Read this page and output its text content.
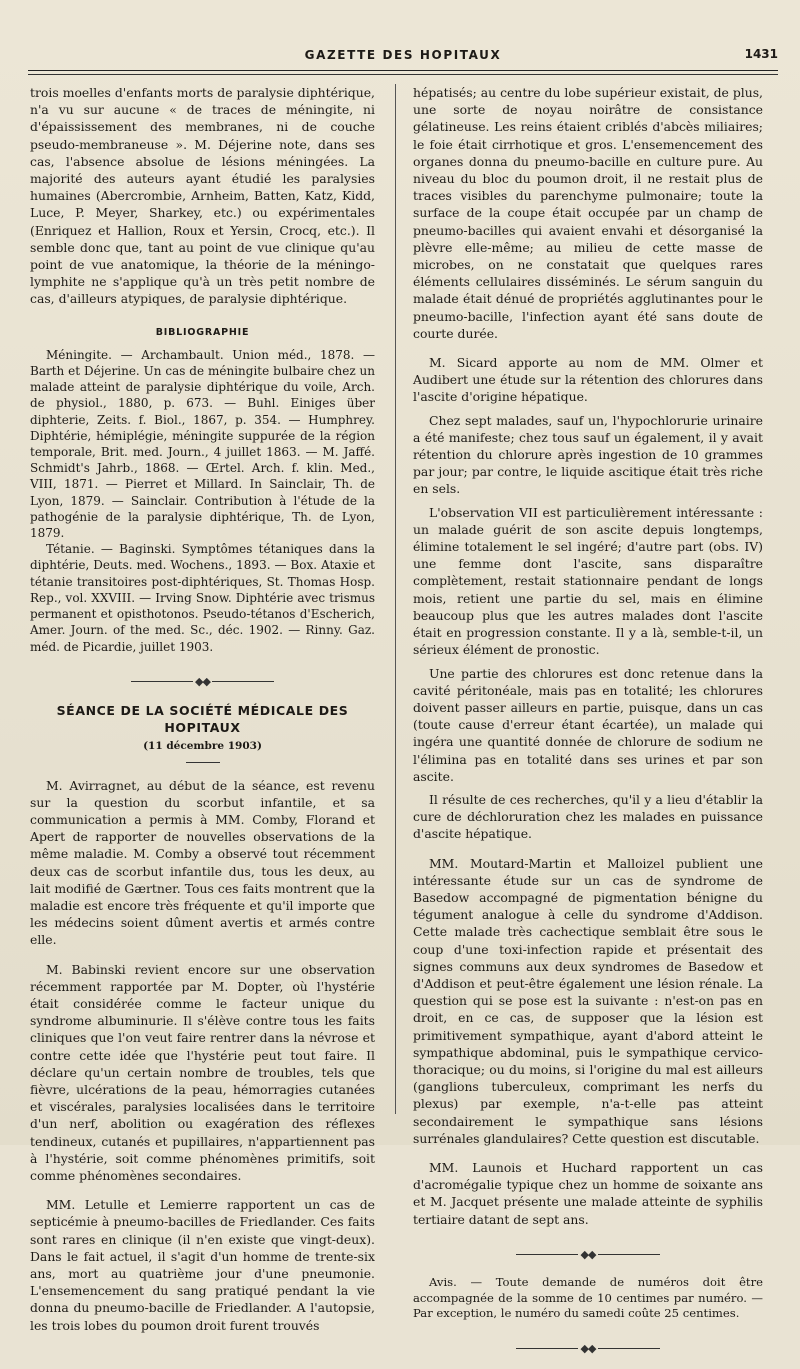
GAZETTE DES HOPITAUX	1431

trois moelles d'enfants morts de paralysie diphtérique, n'a vu sur aucune « de traces de méningite, ni d'épaississement des membranes, ni de couche pseudo-membraneuse ». M. Déjerine note, dans ses cas, l'absence absolue de lésions méningées. La majorité des auteurs ayant étudié les paralysies humaines (Abercrombie, Arnheim, Batten, Katz, Kidd, Luce, P. Meyer, Sharkey, etc.) ou expérimentales (Enriquez et Hallion, Roux et Yersin, Crocq, etc.). Il semble donc que, tant au point de vue clinique qu'au point de vue anatomique, la théorie de la méningo-lymphite ne s'applique qu'à un très petit nombre de cas, d'ailleurs atypiques, de paralysie diphtérique.

BIBLIOGRAPHIE

Méningite. — Archambault. Union méd., 1878. — Barth et Déjerine. Un cas de méningite bulbaire chez un malade atteint de paralysie diphtérique du voile, Arch. de physiol., 1880, p. 673. — Buhl. Einiges über diphterie, Zeits. f. Biol., 1867, p. 354. — Humphrey. Diphtérie, hémiplégie, méningite suppurée de la région temporale, Brit. med. Journ., 4 juillet 1863. — M. Jaffé. Schmidt's Jahrb., 1868. — Œrtel. Arch. f. klin. Med., VIII, 1871. — Pierret et Millard. In Sainclair, Th. de Lyon, 1879. — Sainclair. Contribution à l'étude de la pathogénie de la paralysie diphtérique, Th. de Lyon, 1879.

Tétanie. — Baginski. Symptômes tétaniques dans la diphtérie, Deuts. med. Wochens., 1893. — Box. Ataxie et tétanie transitoires post-diphtériques, St. Thomas Hosp. Rep., vol. XXVIII. — Irving Snow. Diphtérie avec trismus permanent et opisthotonos. Pseudo-tétanos d'Escherich, Amer. Journ. of the med. Sc., déc. 1902. — Rinny. Gaz. méd. de Picardie, juillet 1903.

◆◆
SÉANCE DE LA SOCIÉTÉ MÉDICALE DES HOPITAUX
(11 décembre 1903)

M. Avirragnet, au début de la séance, est revenu sur la question du scorbut infantile, et sa communication a permis à MM. Comby, Florand et Apert de rapporter de nouvelles observations de la même maladie. M. Comby a observé tout récemment deux cas de scorbut infantile dus, tous les deux, au lait modifié de Gærtner. Tous ces faits montrent que la maladie est encore très fréquente et qu'il importe que les médecins soient dûment avertis et armés contre elle.

M. Babinski revient encore sur une observation récemment rapportée par M. Dopter, où l'hystérie était considérée comme le facteur unique du syndrome albuminurie. Il s'élève contre tous les faits cliniques que l'on veut faire rentrer dans la névrose et contre cette idée que l'hystérie peut tout faire. Il déclare qu'un certain nombre de troubles, tels que fièvre, ulcérations de la peau, hémorragies cutanées et viscérales, paralysies localisées dans le territoire d'un nerf, abolition ou exagération des réflexes tendineux, cutanés et pupillaires, n'appartiennent pas à l'hystérie, soit comme phénomènes primitifs, soit comme phénomènes secondaires.

MM. Letulle et Lemierre rapportent un cas de septicémie à pneumo-bacilles de Friedlander. Ces faits sont rares en clinique (il n'en existe que vingt-deux). Dans le fait actuel, il s'agit d'un homme de trente-six ans, mort au quatrième jour d'une pneumonie. L'ensemencement du sang pratiqué pendant la vie donna du pneumo-bacille de Friedlander. A l'autopsie, les trois lobes du poumon droit furent trouvés

hépatisés; au centre du lobe supérieur existait, de plus, une sorte de noyau noirâtre de consistance gélatineuse. Les reins étaient criblés d'abcès miliaires; le foie était cirrhotique et gros. L'ensemencement des organes donna du pneumo-bacille en culture pure. Au niveau du bloc du poumon droit, il ne restait plus de traces visibles du parenchyme pulmonaire; toute la surface de la coupe était occupée par un champ de pneumo-bacilles qui avaient envahi et désorganisé la plèvre elle-même; au milieu de cette masse de microbes, on ne constatait que quelques rares éléments cellulaires disséminés. Le sérum sanguin du malade était dénué de propriétés agglutinantes pour le pneumo-bacille, l'infection ayant été sans doute de courte durée.

M. Sicard apporte au nom de MM. Olmer et Audibert une étude sur la rétention des chlorures dans l'ascite d'origine hépatique.

Chez sept malades, sauf un, l'hypochlorurie urinaire a été manifeste; chez tous sauf un également, il y avait rétention du chlorure après ingestion de 10 grammes par jour; par contre, le liquide ascitique était très riche en sels.

L'observation VII est particulièrement intéressante : un malade guérit de son ascite depuis longtemps, élimine totalement le sel ingéré; d'autre part (obs. IV) une femme dont l'ascite, sans disparaître complètement, restait stationnaire pendant de longs mois, retient une partie du sel, mais en élimine beaucoup plus que les autres malades dont l'ascite était en progression constante. Il y a là, semble-t-il, un sérieux élément de pronostic.

Une partie des chlorures est donc retenue dans la cavité péritonéale, mais pas en totalité; les chlorures doivent passer ailleurs en partie, puisque, dans un cas (toute cause d'erreur étant écartée), un malade qui ingéra une quantité donnée de chlorure de sodium ne l'élimina pas en totalité dans ses urines et par son ascite.

Il résulte de ces recherches, qu'il y a lieu d'établir la cure de déchloruration chez les malades en puissance d'ascite hépatique.

MM. Moutard-Martin et Malloizel publient une intéressante étude sur un cas de syndrome de Basedow accompagné de pigmentation bénigne du tégument analogue à celle du syndrome d'Addison. Cette malade très cachectique semblait être sous le coup d'une toxi-infection rapide et présentait des signes communs aux deux syndromes de Basedow et d'Addison et peut-être également une lésion rénale. La question qui se pose est la suivante : n'est-on pas en droit, en ce cas, de supposer que la lésion est primitivement sympathique, ayant d'abord atteint le sympathique abdominal, puis le sympathique cervico-thoracique; ou du moins, si l'origine du mal est ailleurs (ganglions tuberculeux, comprimant les nerfs du plexus) par exemple, n'a-t-elle pas atteint secondairement le sympathique sans lésions surrénales glandulaires? Cette question est discutable.

MM. Launois et Huchard rapportent un cas d'acromégalie typique chez un homme de soixante ans et M. Jacquet présente une malade atteinte de syphilis tertiaire datant de sept ans.

◆◆

Avis. — Toute demande de numéros doit être accompagnée de la somme de 10 centimes par numéro. — Par exception, le numéro du samedi coûte 25 centimes.

◆◆
